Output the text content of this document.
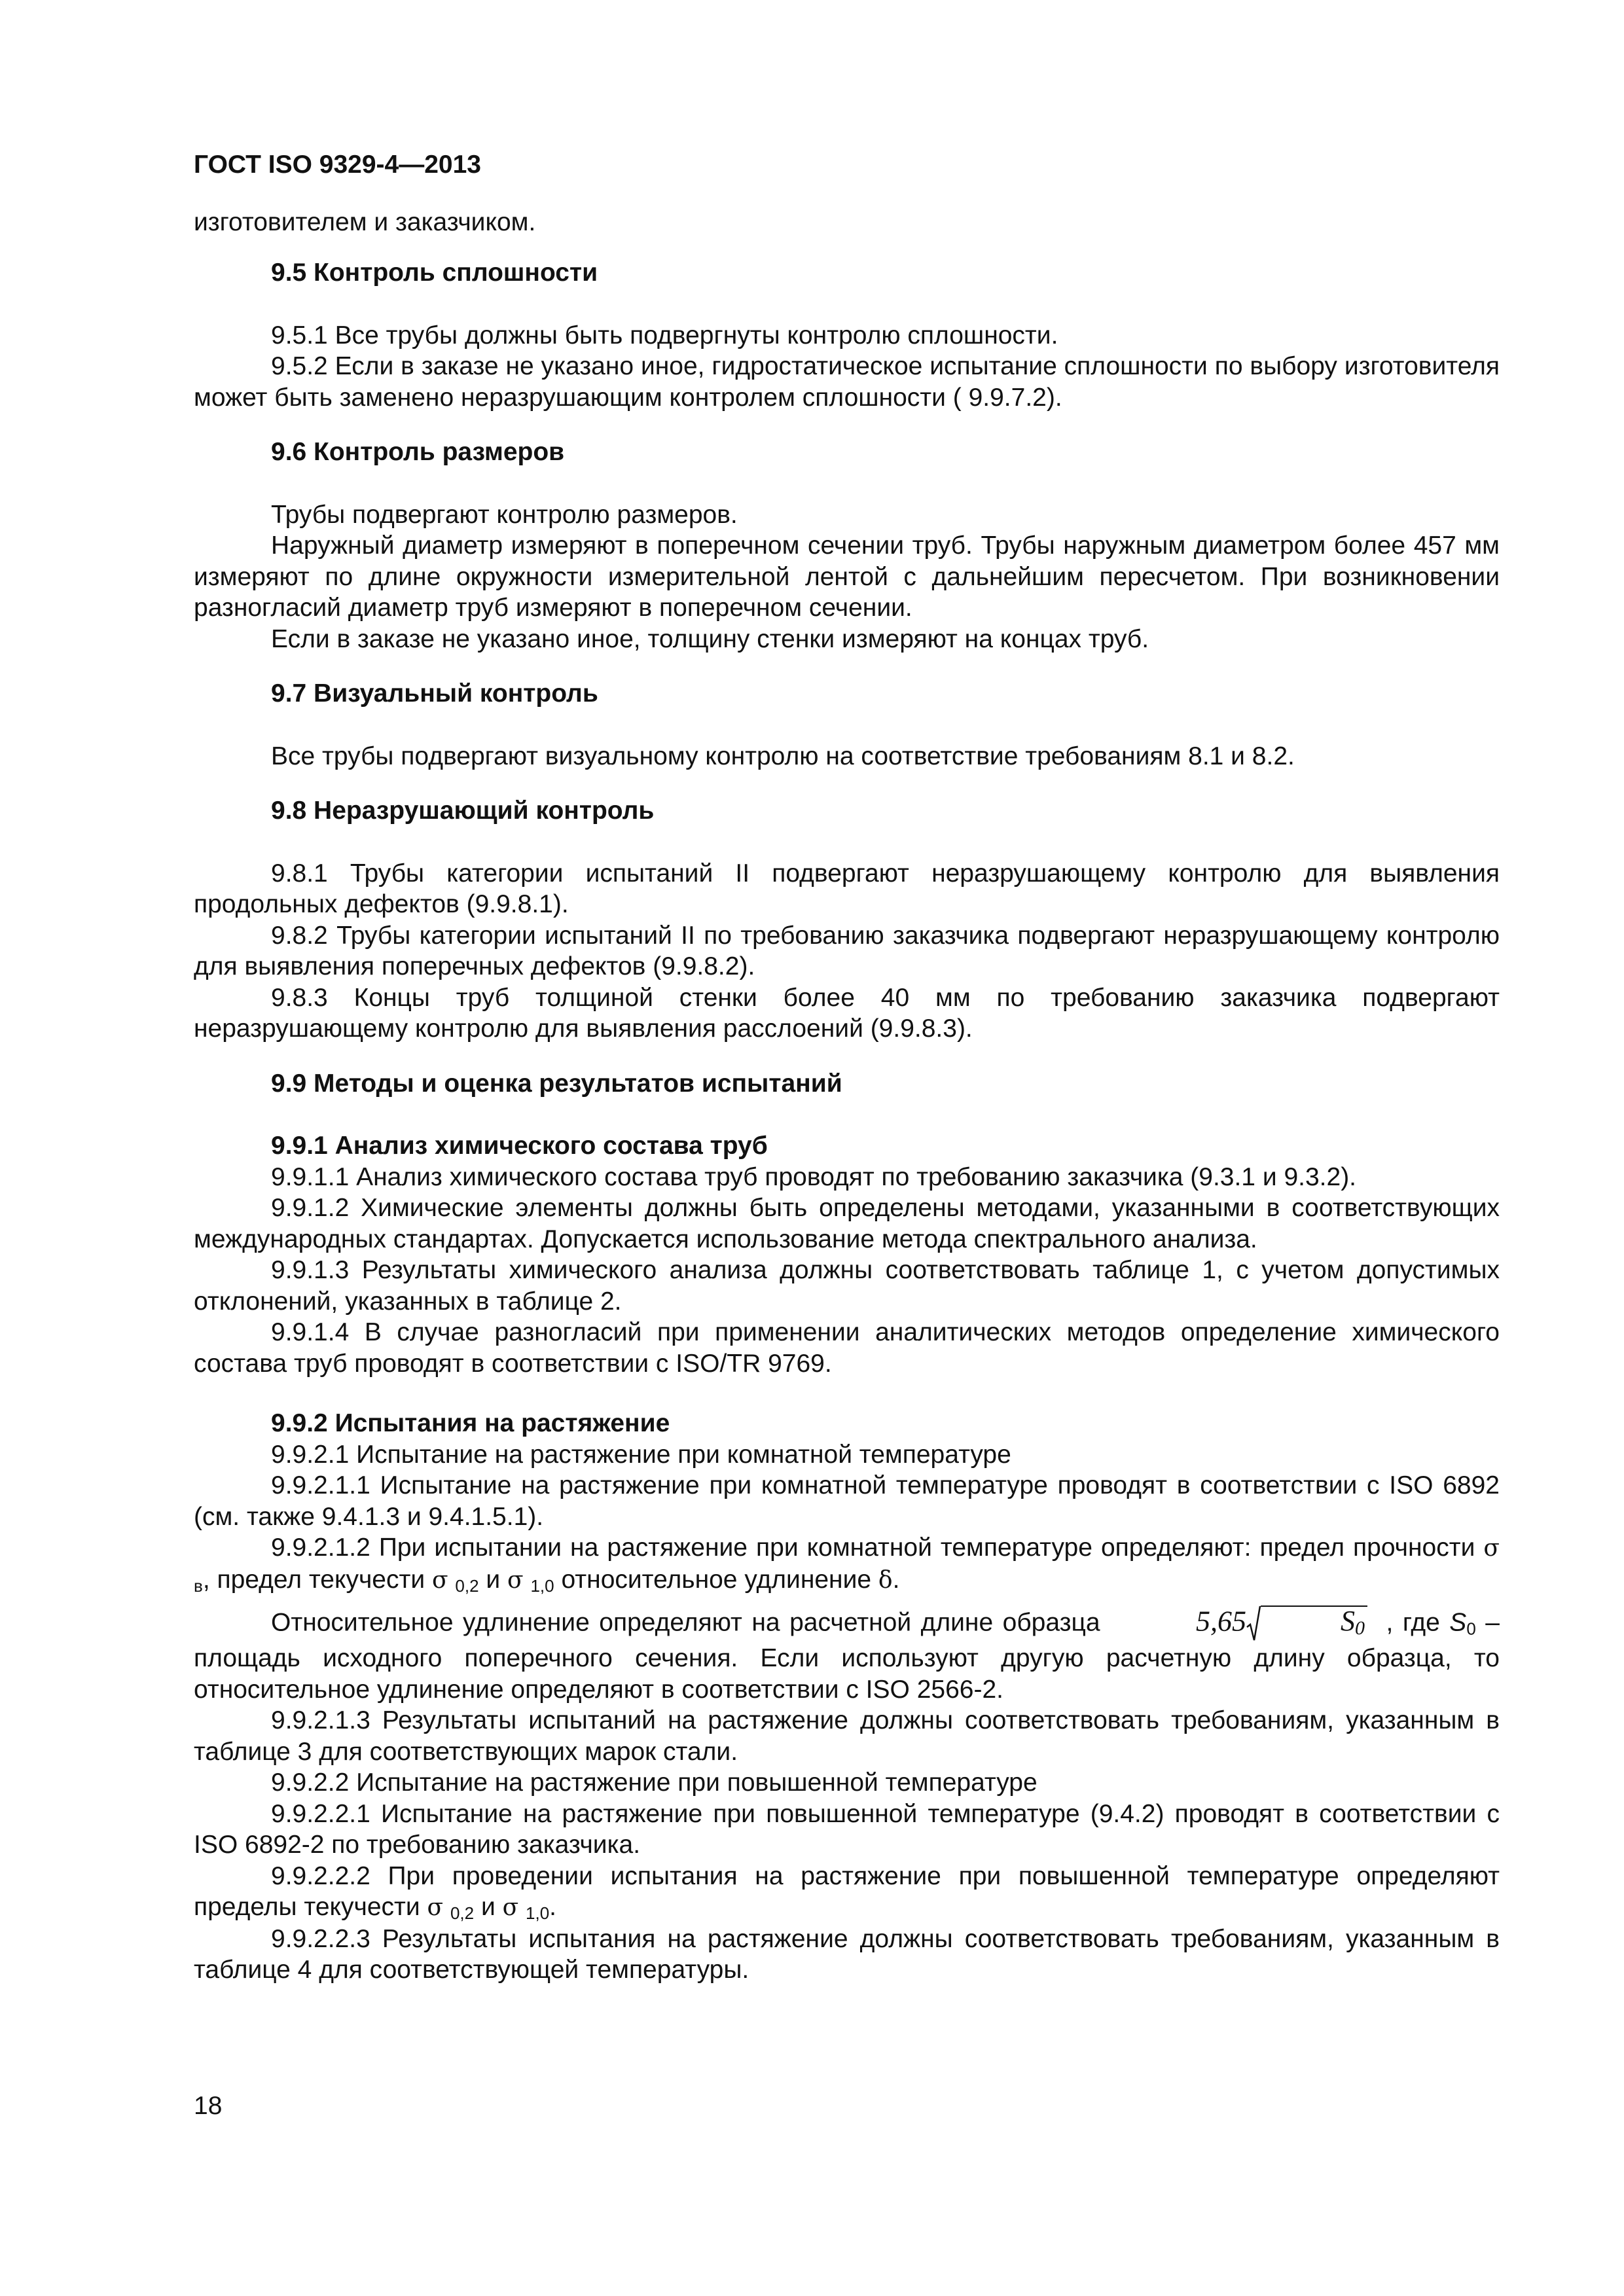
ГОСТ ISO 9329-4—2013

изготовителем и заказчиком.

9.5 Контроль сплошности

9.5.1 Все трубы должны быть подвергнуты контролю сплошности.

9.5.2 Если в заказе не указано иное, гидростатическое испытание сплошности по выбору изготовителя может быть заменено неразрушающим контролем сплошности ( 9.9.7.2).

9.6 Контроль размеров

Трубы подвергают контролю размеров.

Наружный диаметр измеряют в поперечном сечении труб. Трубы наружным диаметром более 457 мм измеряют по длине окружности измерительной лентой с дальнейшим пересчетом. При возникновении разногласий диаметр труб измеряют в поперечном сечении.

Если в заказе не указано иное, толщину стенки измеряют на концах труб.

9.7 Визуальный контроль

Все трубы подвергают визуальному контролю на соответствие требованиям 8.1 и 8.2.

9.8 Неразрушающий контроль

9.8.1 Трубы категории испытаний II подвергают неразрушающему контролю для выявления продольных дефектов (9.9.8.1).

9.8.2 Трубы категории испытаний II по требованию заказчика подвергают неразрушающему контролю для выявления поперечных дефектов (9.9.8.2).

9.8.3 Концы труб толщиной стенки более 40 мм по требованию заказчика подвергают неразрушающему контролю для выявления расслоений (9.9.8.3).

9.9 Методы и оценка результатов испытаний

9.9.1 Анализ химического состава труб

9.9.1.1 Анализ химического состава труб проводят по требованию заказчика (9.3.1 и 9.3.2).

9.9.1.2 Химические элементы должны быть определены методами, указанными в соответствующих международных стандартах. Допускается использование метода спектрального анализа.

9.9.1.3 Результаты химического анализа должны соответствовать таблице 1, с учетом допустимых отклонений, указанных в таблице 2.

9.9.1.4 В случае разногласий при применении аналитических методов определение химического состава труб проводят в соответствии с ISO/TR 9769.

9.9.2 Испытания на растяжение

9.9.2.1 Испытание на растяжение при комнатной температуре

9.9.2.1.1 Испытание на растяжение при комнатной температуре проводят в соответствии с ISO 6892 (см. также 9.4.1.3 и 9.4.1.5.1).

9.9.2.1.2 При испытании на растяжение при комнатной температуре определяют: предел прочности σ $_в$, предел текучести σ $_{0,2}$ и σ $_{1,0}$ относительное удлинение δ.

Относительное удлинение определяют на расчетной длине образца	5,65	$S_0$ , где $S_0$ – площадь исходного поперечного сечения. Если используют другую расчетную длину образца, то относительное удлинение определяют в соответствии с ISO 2566-2.

9.9.2.1.3 Результаты испытаний на растяжение должны соответствовать требованиям, указанным в таблице 3 для соответствующих марок стали.

9.9.2.2 Испытание на растяжение при повышенной температуре

9.9.2.2.1 Испытание на растяжение при повышенной температуре (9.4.2) проводят в соответствии с ISO 6892-2 по требованию заказчика.

9.9.2.2.2 При проведении испытания на растяжение при повышенной температуре определяют пределы текучести σ $_{0,2}$ и σ $_{1,0}$.

9.9.2.2.3 Результаты испытания на растяжение должны соответствовать требованиям, указанным в таблице 4 для соответствующей температуры.

18
